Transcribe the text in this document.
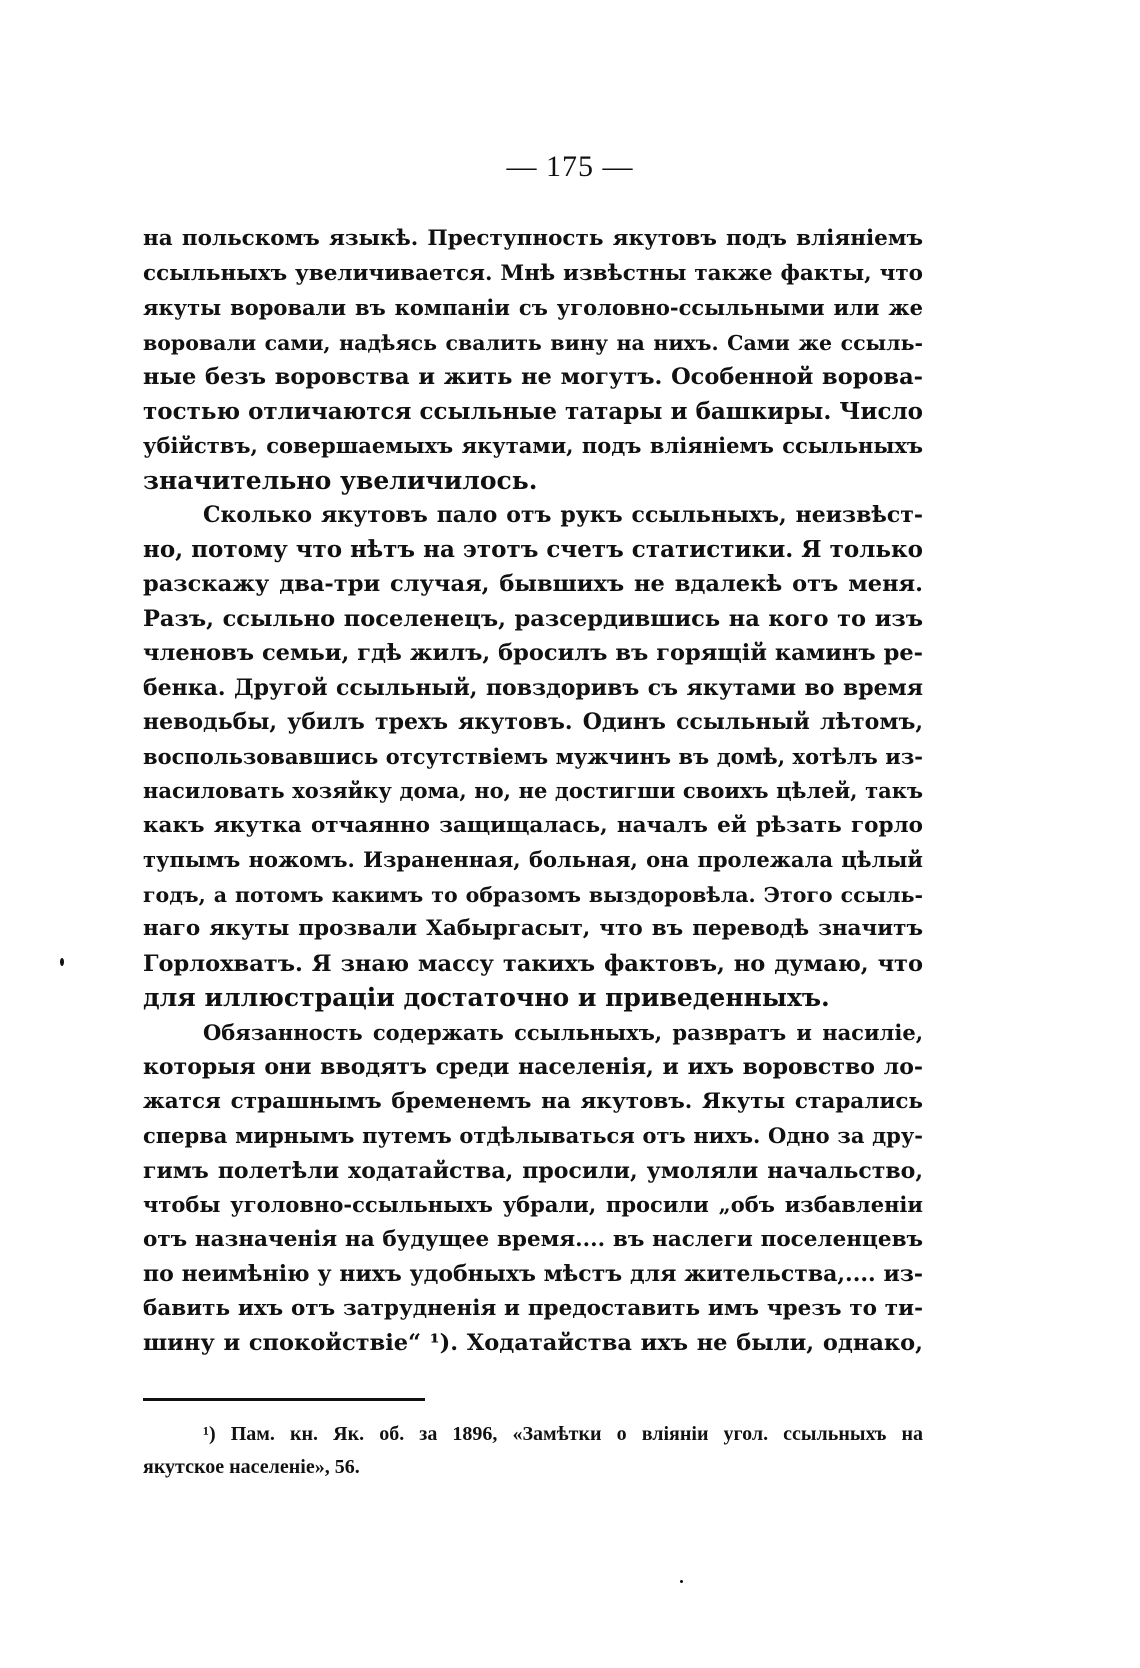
— 175 —
на польскомъ языкѣ. Преступность якутовъ подъ вліяніемъ
ссыльныхъ увеличивается. Мнѣ извѣстны также факты, что
якуты воровали въ компаніи съ уголовно-ссыльными или же
воровали сами, надѣясь свалить вину на нихъ. Сами же ссыль-
ные безъ воровства и жить не могутъ. Особенной ворова-
тостью отличаются ссыльные татары и башкиры. Число
убійствъ, совершаемыхъ якутами, подъ вліяніемъ ссыльныхъ
значительно увеличилось.
Сколько якутовъ пало отъ рукъ ссыльныхъ, неизвѣст-
но, потому что нѣтъ на этотъ счетъ статистики. Я только
разскажу два-три случая, бывшихъ не вдалекѣ отъ меня.
Разъ, ссыльно поселенецъ, разсердившись на кого то изъ
членовъ семьи, гдѣ жилъ, бросилъ въ горящій каминъ ре-
бенка. Другой ссыльный, повздоривъ съ якутами во время
неводьбы, убилъ трехъ якутовъ. Одинъ ссыльный лѣтомъ,
воспользовавшись отсутствіемъ мужчинъ въ домѣ, хотѣлъ из-
насиловать хозяйку дома, но, не достигши своихъ цѣлей, такъ
какъ якутка отчаянно защищалась, началъ ей рѣзать горло
тупымъ ножомъ. Израненная, больная, она пролежала цѣлый
годъ, а потомъ какимъ то образомъ выздоровѣла. Этого ссыль-
наго якуты прозвали Хабыргасыт, что въ переводѣ значитъ
Горлохватъ. Я знаю массу такихъ фактовъ, но думаю, что
для иллюстраціи достаточно и приведенныхъ.
Обязанность содержать ссыльныхъ, развратъ и насиліе,
которыя они вводятъ среди населенія, и ихъ воровство ло-
жатся страшнымъ бременемъ на якутовъ. Якуты старались
сперва мирнымъ путемъ отдѣлываться отъ нихъ. Одно за дру-
гимъ полетѣли ходатайства, просили, умоляли начальство,
чтобы уголовно-ссыльныхъ убрали, просили „объ избавленіи
отъ назначенія на будущее время.... въ наслеги поселенцевъ
по неимѣнію у нихъ удобныхъ мѣстъ для жительства,.... из-
бавить ихъ отъ затрудненія и предоставить имъ чрезъ то ти-
шину и спокойствіе“ ¹). Ходатайства ихъ не были, однако,
¹) Пам. кн. Як. об. за 1896, «Замѣтки о вліяніи угол. ссыльныхъ на
якутское населеніе», 56.
